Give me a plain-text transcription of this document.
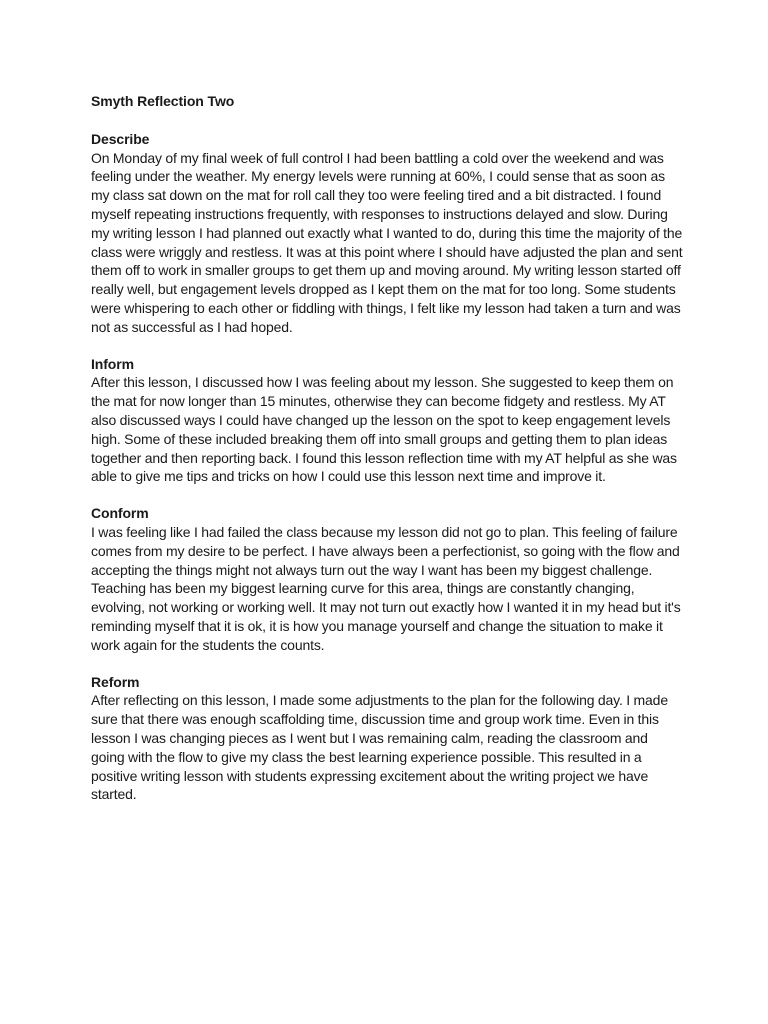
Smyth Reflection Two

Describe

On Monday of my final week of full control I had been battling a cold over the weekend and was feeling under the weather. My energy levels were running at 60%, I could sense that as soon as my class sat down on the mat for roll call they too were feeling tired and a bit distracted. I found myself repeating instructions frequently, with responses to instructions delayed and slow. During my writing lesson I had planned out exactly what I wanted to do, during this time the majority of the class were wriggly and restless. It was at this point where I should have adjusted the plan and sent them off to work in smaller groups to get them up and moving around. My writing lesson started off really well, but engagement levels dropped as I kept them on the mat for too long. Some students were whispering to each other or fiddling with things, I felt like my lesson had taken a turn and was not as successful as I had hoped.

Inform

After this lesson, I discussed how I was feeling about my lesson. She suggested to keep them on the mat for now longer than 15 minutes, otherwise they can become fidgety and restless. My AT also discussed ways I could have changed up the lesson on the spot to keep engagement levels high. Some of these included breaking them off into small groups and getting them to plan ideas together and then reporting back. I found this lesson reflection time with my AT helpful as she was able to give me tips and tricks on how I could use this lesson next time and improve it.

Conform

I was feeling like I had failed the class because my lesson did not go to plan. This feeling of failure comes from my desire to be perfect. I have always been a perfectionist, so going with the flow and accepting the things might not always turn out the way I want has been my biggest challenge. Teaching has been my biggest learning curve for this area, things are constantly changing, evolving, not working or working well. It may not turn out exactly how I wanted it in my head but it's reminding myself that it is ok, it is how you manage yourself and change the situation to make it work again for the students the counts.

Reform

After reflecting on this lesson, I made some adjustments to the plan for the following day. I made sure that there was enough scaffolding time, discussion time and group work time. Even in this lesson I was changing pieces as I went but I was remaining calm, reading the classroom and going with the flow to give my class the best learning experience possible. This resulted in a positive writing lesson with students expressing excitement about the writing project we have started.
